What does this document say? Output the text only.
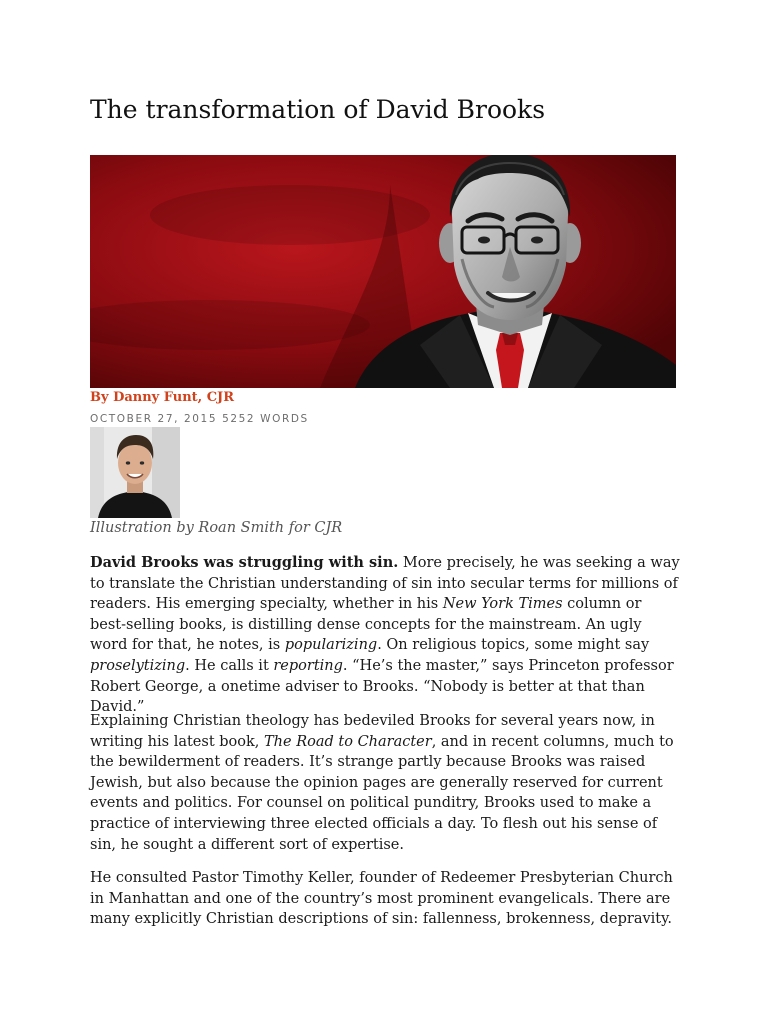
The transformation of David Brooks
By Danny Funt, CJR
OCTOBER 27, 2015 5252 WORDS
Illustration by Roan Smith for CJR

David Brooks was struggling with sin. More precisely, he was seeking a way to translate the Christian understanding of sin into secular terms for millions of readers. His emerging specialty, whether in his New York Times column or best-selling books, is distilling dense concepts for the mainstream. An ugly word for that, he notes, is popularizing. On religious topics, some might say proselytizing. He calls it reporting. “He’s the master,” says Princeton professor Robert George, a onetime adviser to Brooks. “Nobody is better at that than David.”

Explaining Christian theology has bedeviled Brooks for several years now, in writing his latest book, The Road to Character, and in recent columns, much to the bewilderment of readers. It’s strange partly because Brooks was raised Jewish, but also because the opinion pages are generally reserved for current events and politics. For counsel on political punditry, Brooks used to make a practice of interviewing three elected officials a day. To flesh out his sense of sin, he sought a different sort of expertise.

He consulted Pastor Timothy Keller, founder of Redeemer Presbyterian Church in Manhattan and one of the country’s most prominent evangelicals. There are many explicitly Christian descriptions of sin: fallenness, brokenness, depravity.
